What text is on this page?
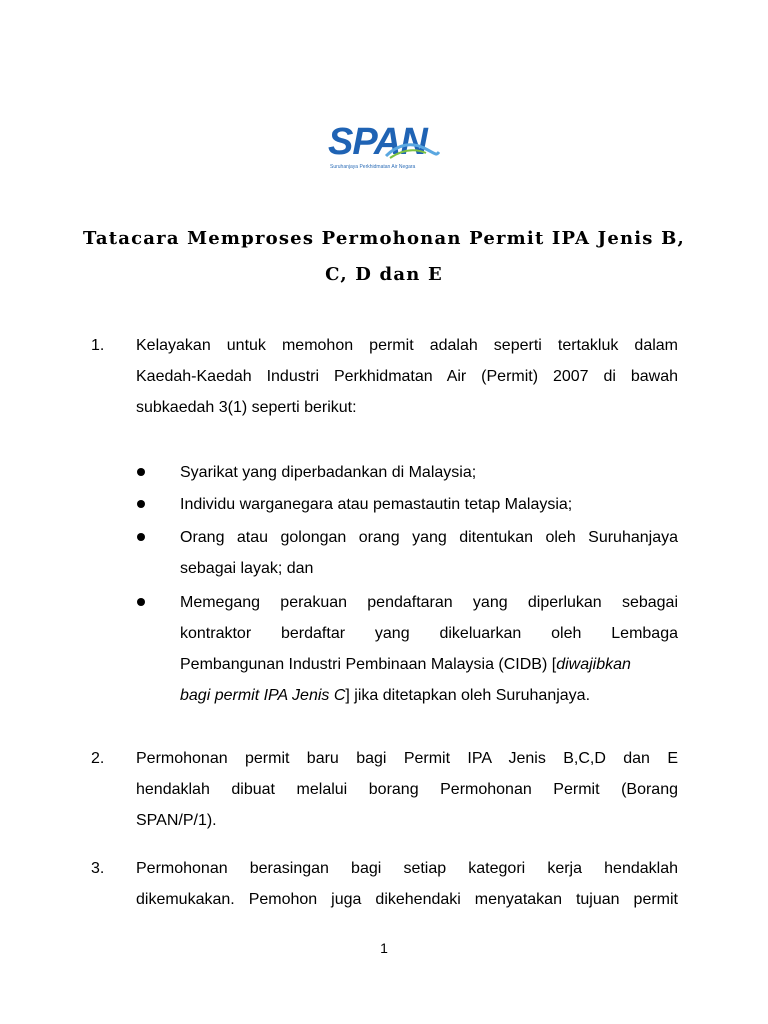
SPAN
Suruhanjaya Perkhidmatan Air Negara
Tatacara Memproses Permohonan Permit IPA Jenis B,
C, D dan E
1. Kelayakan untuk memohon permit adalah seperti tertakluk dalam
Kaedah-Kaedah Industri Perkhidmatan Air (Permit) 2007 di bawah
subkaedah 3(1) seperti berikut:
Syarikat yang diperbadankan di Malaysia;
Individu warganegara atau pemastautin tetap Malaysia;
Orang atau golongan orang yang ditentukan oleh Suruhanjaya
sebagai layak; dan
Memegang perakuan pendaftaran yang diperlukan sebagai
kontraktor berdaftar yang dikeluarkan oleh Lembaga
Pembangunan Industri Pembinaan Malaysia (CIDB) [diwajibkan
bagi permit IPA Jenis C] jika ditetapkan oleh Suruhanjaya.
2. Permohonan permit baru bagi Permit IPA Jenis B,C,D dan E
hendaklah dibuat melalui borang Permohonan Permit (Borang
SPAN/P/1).
3. Permohonan berasingan bagi setiap kategori kerja hendaklah
dikemukakan. Pemohon juga dikehendaki menyatakan tujuan permit
1
